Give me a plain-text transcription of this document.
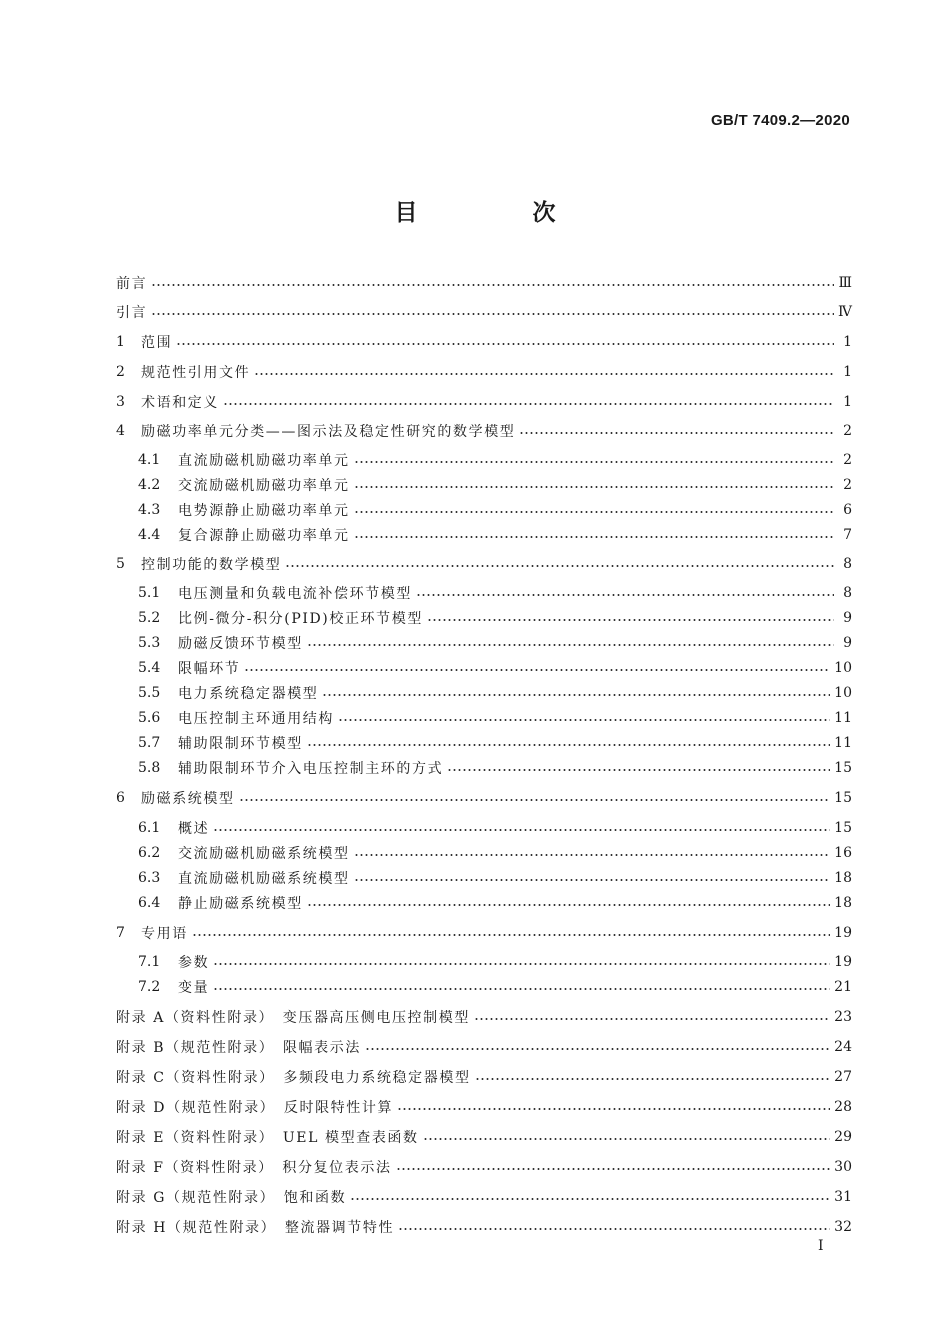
GB/T 7409.2—2020
目　次
前言	Ⅲ
引言	Ⅳ
1	范围	1
2	规范性引用文件	1
3	术语和定义	1
4	励磁功率单元分类——图示法及稳定性研究的数学模型	2
4.1	直流励磁机励磁功率单元	2
4.2	交流励磁机励磁功率单元	2
4.3	电势源静止励磁功率单元	6
4.4	复合源静止励磁功率单元	7
5	控制功能的数学模型	8
5.1	电压测量和负载电流补偿环节模型	8
5.2	比例-微分-积分(PID)校正环节模型	9
5.3	励磁反馈环节模型	9
5.4	限幅环节	10
5.5	电力系统稳定器模型	10
5.6	电压控制主环通用结构	11
5.7	辅助限制环节模型	11
5.8	辅助限制环节介入电压控制主环的方式	15
6	励磁系统模型	15
6.1	概述	15
6.2	交流励磁机励磁系统模型	16
6.3	直流励磁机励磁系统模型	18
6.4	静止励磁系统模型	18
7	专用语	19
7.1	参数	19
7.2	变量	21
附录 A（资料性附录）　变压器高压侧电压控制模型	23
附录 B（规范性附录）　限幅表示法	24
附录 C（资料性附录）　多频段电力系统稳定器模型	27
附录 D（规范性附录）　反时限特性计算	28
附录 E（资料性附录）　UEL 模型查表函数	29
附录 F（资料性附录）　积分复位表示法	30
附录 G（规范性附录）　饱和函数	31
附录 H（规范性附录）　整流器调节特性	32
I
